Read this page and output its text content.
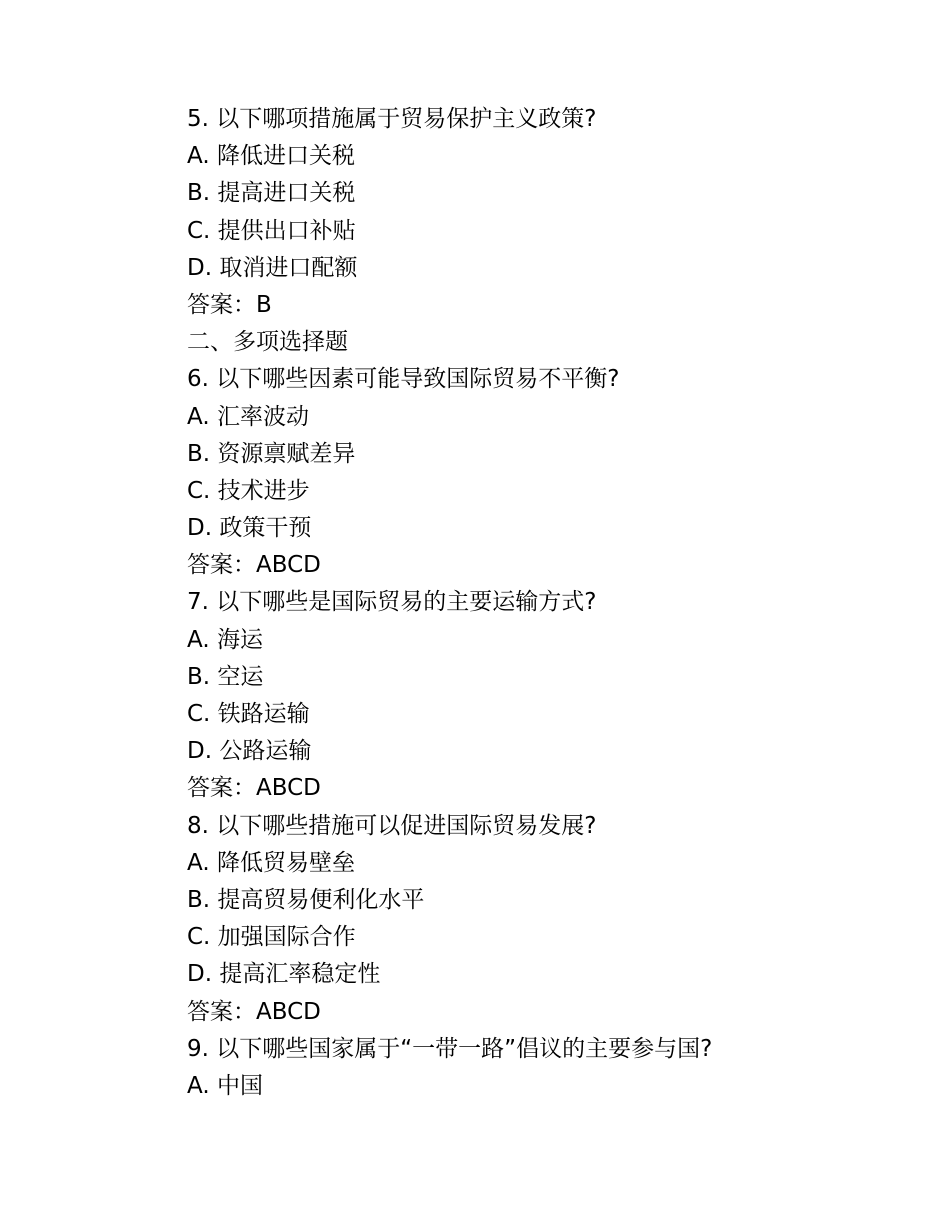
5. 以下哪项措施属于贸易保护主义政策?
A. 降低进口关税
B. 提高进口关税
C. 提供出口补贴
D. 取消进口配额
答案：B
二、多项选择题
6. 以下哪些因素可能导致国际贸易不平衡?
A. 汇率波动
B. 资源禀赋差异
C. 技术进步
D. 政策干预
答案：ABCD
7. 以下哪些是国际贸易的主要运输方式?
A. 海运
B. 空运
C. 铁路运输
D. 公路运输
答案：ABCD
8. 以下哪些措施可以促进国际贸易发展?
A. 降低贸易壁垒
B. 提高贸易便利化水平
C. 加强国际合作
D. 提高汇率稳定性
答案：ABCD
9. 以下哪些国家属于“一带一路”倡议的主要参与国?
A. 中国
